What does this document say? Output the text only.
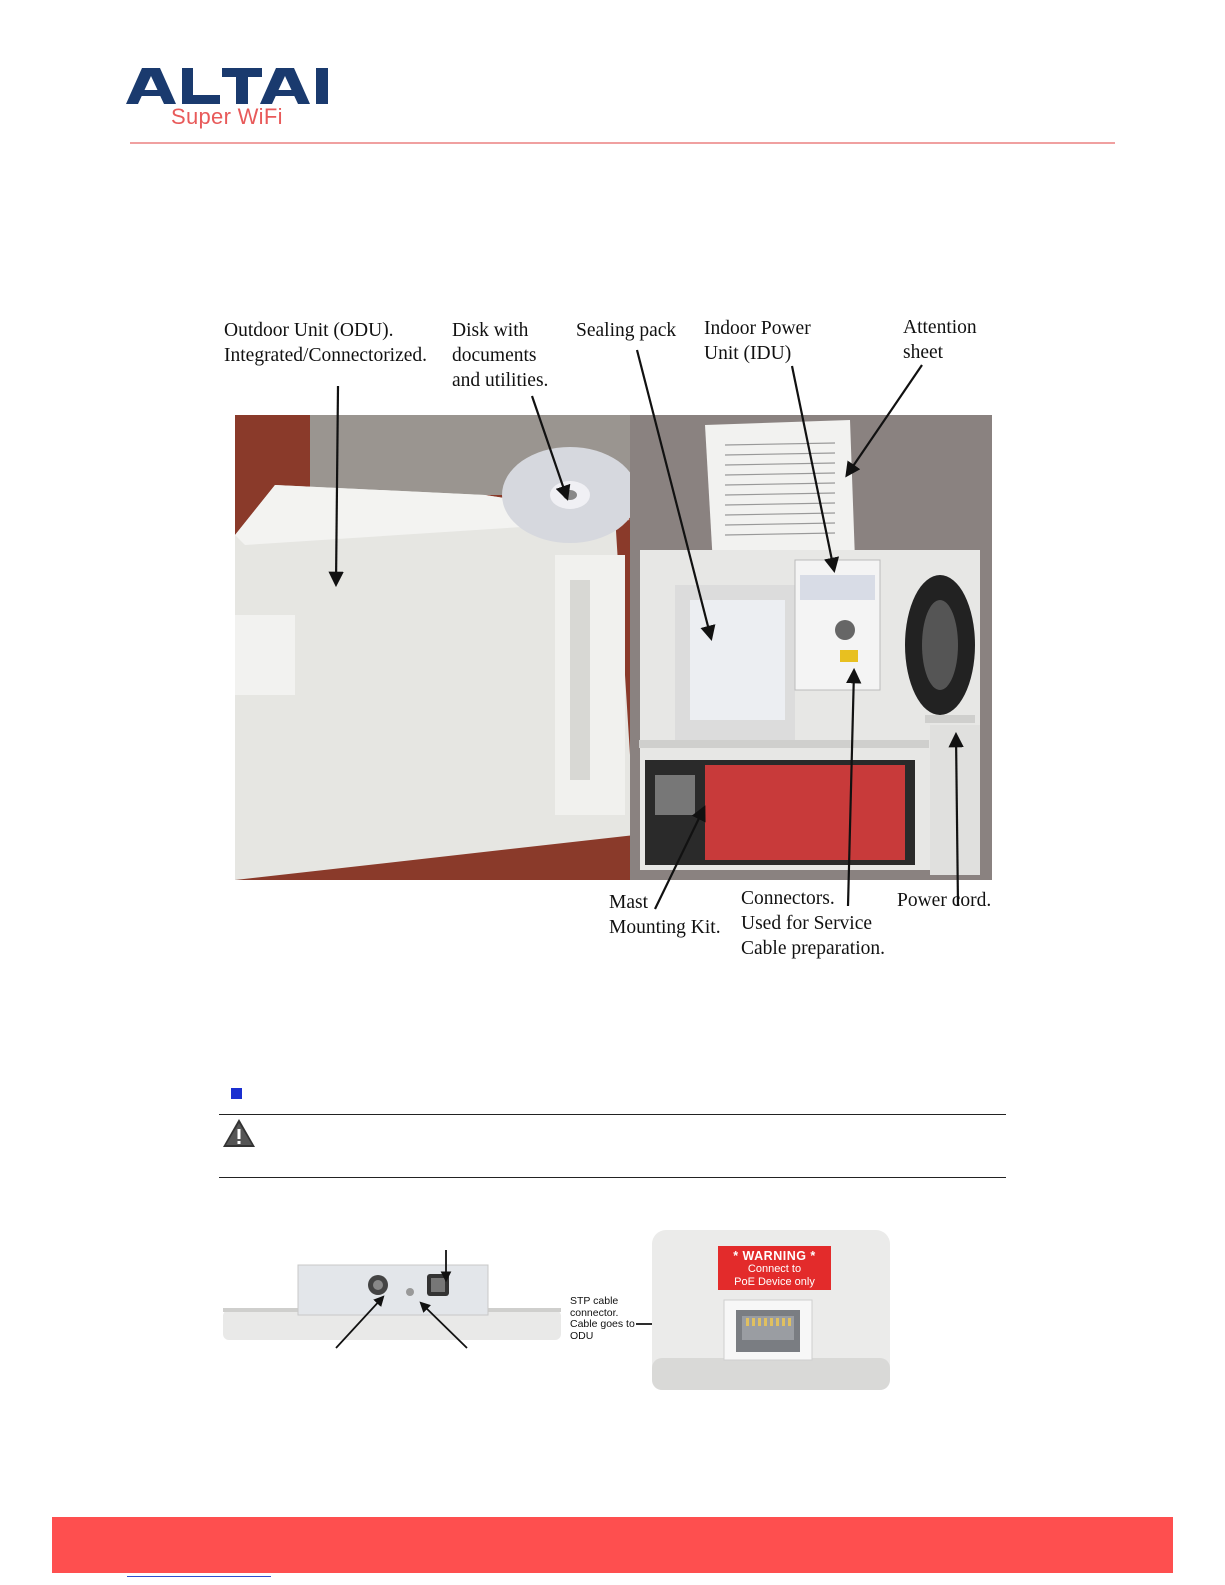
Super WiFi
Outdoor Unit (ODU).
Integrated/Connectorized.
Disk with
documents
and utilities.
Sealing pack Indoor Power
Unit (IDU)
Attention
sheet
Mast
Mounting Kit.
Connectors.
Used for Service
Cable preparation.
Power cord.
STP cable
connector.
Cable goes to
ODU
* WARNING *
Connect to
PoE Device only
